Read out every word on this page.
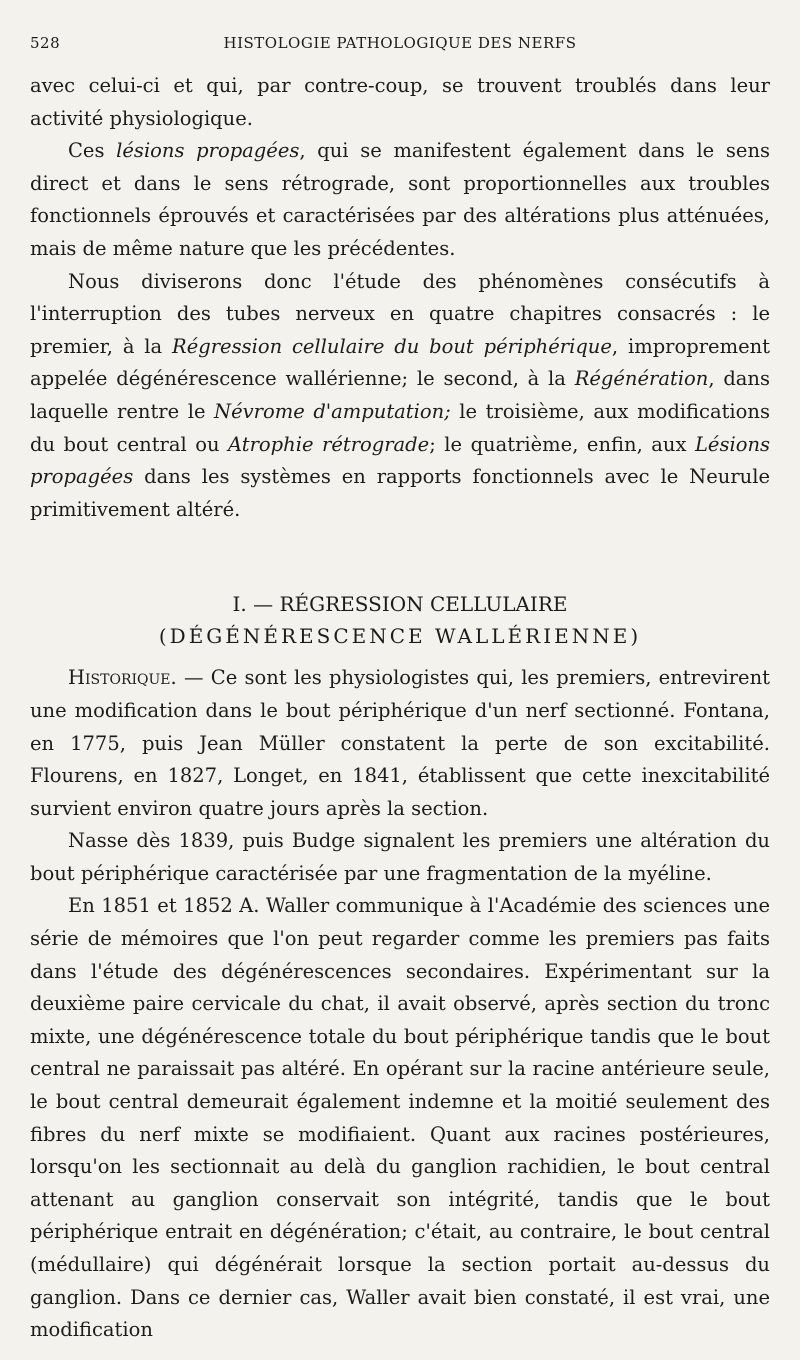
528	HISTOLOGIE PATHOLOGIQUE DES NERFS

avec celui-ci et qui, par contre-coup, se trouvent troublés dans leur activité physiologique.

Ces lésions propagées, qui se manifestent également dans le sens direct et dans le sens rétrograde, sont proportionnelles aux troubles fonctionnels éprouvés et caractérisées par des altérations plus atténuées, mais de même nature que les précédentes.

Nous diviserons donc l'étude des phénomènes consécutifs à l'interruption des tubes nerveux en quatre chapitres consacrés : le premier, à la Régression cellulaire du bout périphérique, improprement appelée dégénérescence wallérienne; le second, à la Régénération, dans laquelle rentre le Névrome d'amputation; le troisième, aux modifications du bout central ou Atrophie rétrograde; le quatrième, enfin, aux Lésions propagées dans les systèmes en rapports fonctionnels avec le Neurule primitivement altéré.

I. — RÉGRESSION CELLULAIRE
(DÉGÉNÉRESCENCE WALLÉRIENNE)

Historique. — Ce sont les physiologistes qui, les premiers, entrevirent une modification dans le bout périphérique d'un nerf sectionné. Fontana, en 1775, puis Jean Müller constatent la perte de son excitabilité. Flourens, en 1827, Longet, en 1841, établissent que cette inexcitabilité survient environ quatre jours après la section.

Nasse dès 1839, puis Budge signalent les premiers une altération du bout périphérique caractérisée par une fragmentation de la myéline.

En 1851 et 1852 A. Waller communique à l'Académie des sciences une série de mémoires que l'on peut regarder comme les premiers pas faits dans l'étude des dégénérescences secondaires. Expérimentant sur la deuxième paire cervicale du chat, il avait observé, après section du tronc mixte, une dégénérescence totale du bout périphérique tandis que le bout central ne paraissait pas altéré. En opérant sur la racine antérieure seule, le bout central demeurait également indemne et la moitié seulement des fibres du nerf mixte se modifiaient. Quant aux racines postérieures, lorsqu'on les sectionnait au delà du ganglion rachidien, le bout central attenant au ganglion conservait son intégrité, tandis que le bout périphérique entrait en dégénération; c'était, au contraire, le bout central (médullaire) qui dégénérait lorsque la section portait au-dessus du ganglion. Dans ce dernier cas, Waller avait bien constaté, il est vrai, une modification
